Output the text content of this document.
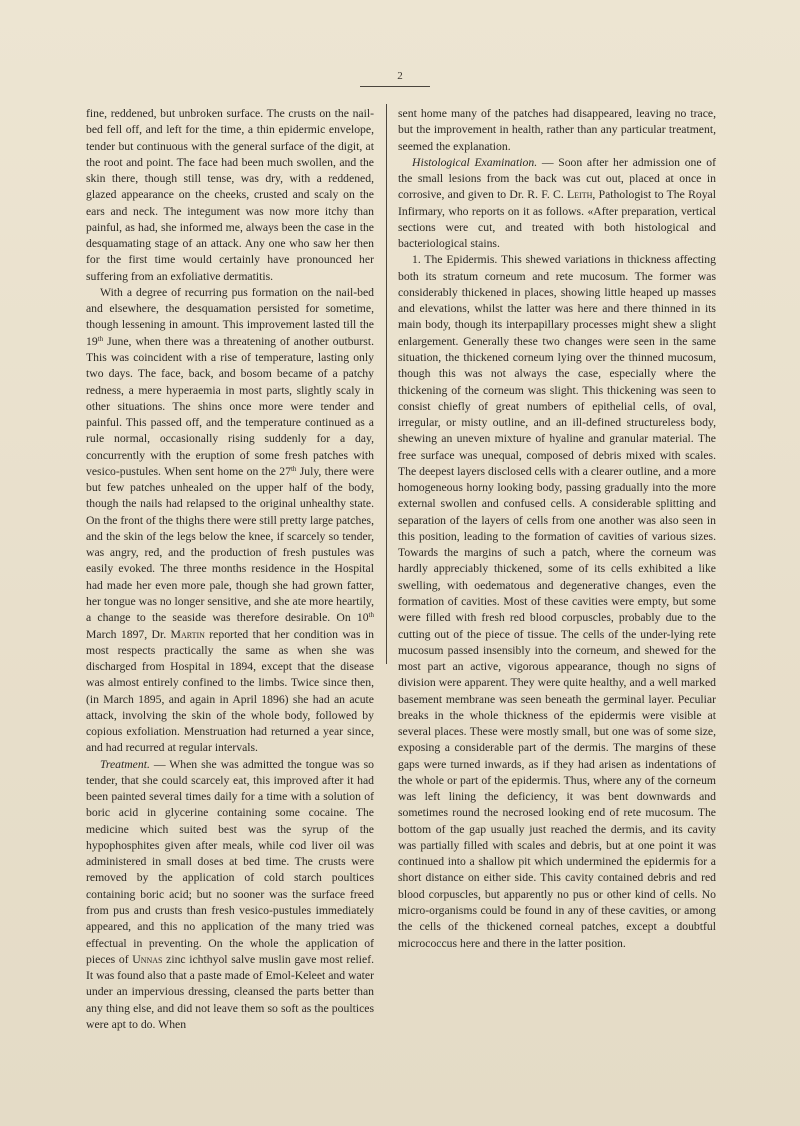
2

fine, reddened, but unbroken surface. The crusts on the nail-bed fell off, and left for the time, a thin epidermic envelope, tender but continuous with the general surface of the digit, at the root and point. The face had been much swollen, and the skin there, though still tense, was dry, with a reddened, glazed appearance on the cheeks, crusted and scaly on the ears and neck. The integument was now more itchy than painful, as had, she informed me, always been the case in the desquamating stage of an attack. Any one who saw her then for the first time would certainly have pronounced her suffering from an exfoliative dermatitis.

With a degree of recurring pus formation on the nail-bed and elsewhere, the desquamation persisted for sometime, though lessening in amount. This improvement lasted till the 19th June, when there was a threatening of another outburst. This was coincident with a rise of temperature, lasting only two days. The face, back, and bosom became of a patchy redness, a mere hyperaemia in most parts, slightly scaly in other situations. The shins once more were tender and painful. This passed off, and the temperature continued as a rule normal, occasionally rising suddenly for a day, concurrently with the eruption of some fresh patches with vesico-pustules. When sent home on the 27th July, there were but few patches unhealed on the upper half of the body, though the nails had relapsed to the original unhealthy state. On the front of the thighs there were still pretty large patches, and the skin of the legs below the knee, if scarcely so tender, was angry, red, and the production of fresh pustules was easily evoked. The three months residence in the Hospital had made her even more pale, though she had grown fatter, her tongue was no longer sensitive, and she ate more heartily, a change to the seaside was therefore desirable. On 10th March 1897, Dr. Martin reported that her condition was in most respects practically the same as when she was discharged from Hospital in 1894, except that the disease was almost entirely confined to the limbs. Twice since then, (in March 1895, and again in April 1896) she had an acute attack, involving the skin of the whole body, followed by copious exfoliation. Menstruation had returned a year since, and had recurred at regular intervals.

Treatment. — When she was admitted the tongue was so tender, that she could scarcely eat, this improved after it had been painted several times daily for a time with a solution of boric acid in glycerine containing some cocaine. The medicine which suited best was the syrup of the hypophosphites given after meals, while cod liver oil was administered in small doses at bed time. The crusts were removed by the application of cold starch poultices containing boric acid; but no sooner was the surface freed from pus and crusts than fresh vesico-pustules immediately appeared, and this no application of the many tried was effectual in preventing. On the whole the application of pieces of Unnas zinc ichthyol salve muslin gave most relief. It was found also that a paste made of Emol-Keleet and water under an impervious dressing, cleansed the parts better than any thing else, and did not leave them so soft as the poultices were apt to do. When

sent home many of the patches had disappeared, leaving no trace, but the improvement in health, rather than any particular treatment, seemed the explanation.

Histological Examination. — Soon after her admission one of the small lesions from the back was cut out, placed at once in corrosive, and given to Dr. R. F. C. Leith, Pathologist to The Royal Infirmary, who reports on it as follows. «After preparation, vertical sections were cut, and treated with both histological and bacteriological stains.

1. The Epidermis. This shewed variations in thickness affecting both its stratum corneum and rete mucosum. The former was considerably thickened in places, showing little heaped up masses and elevations, whilst the latter was here and there thinned in its main body, though its interpapillary processes might shew a slight enlargement. Generally these two changes were seen in the same situation, the thickened corneum lying over the thinned mucosum, though this was not always the case, especially where the thickening of the corneum was slight. This thickening was seen to consist chiefly of great numbers of epithelial cells, of oval, irregular, or misty outline, and an ill-defined structureless body, shewing an uneven mixture of hyaline and granular material. The free surface was unequal, composed of debris mixed with scales. The deepest layers disclosed cells with a clearer outline, and a more homogeneous horny looking body, passing gradually into the more external swollen and confused cells. A considerable splitting and separation of the layers of cells from one another was also seen in this position, leading to the formation of cavities of various sizes. Towards the margins of such a patch, where the corneum was hardly appreciably thickened, some of its cells exhibited a like swelling, with oedematous and degenerative changes, even the formation of cavities. Most of these cavities were empty, but some were filled with fresh red blood corpuscles, probably due to the cutting out of the piece of tissue. The cells of the under-lying rete mucosum passed insensibly into the corneum, and shewed for the most part an active, vigorous appearance, though no signs of division were apparent. They were quite healthy, and a well marked basement membrane was seen beneath the germinal layer. Peculiar breaks in the whole thickness of the epidermis were visible at several places. These were mostly small, but one was of some size, exposing a considerable part of the dermis. The margins of these gaps were turned inwards, as if they had arisen as indentations of the whole or part of the epidermis. Thus, where any of the corneum was left lining the deficiency, it was bent downwards and sometimes round the necrosed looking end of rete mucosum. The bottom of the gap usually just reached the dermis, and its cavity was partially filled with scales and debris, but at one point it was continued into a shallow pit which undermined the epidermis for a short distance on either side. This cavity contained debris and red blood corpuscles, but apparently no pus or other kind of cells. No micro-organisms could be found in any of these cavities, or among the cells of the thickened corneal patches, except a doubtful micrococcus here and there in the latter position.
